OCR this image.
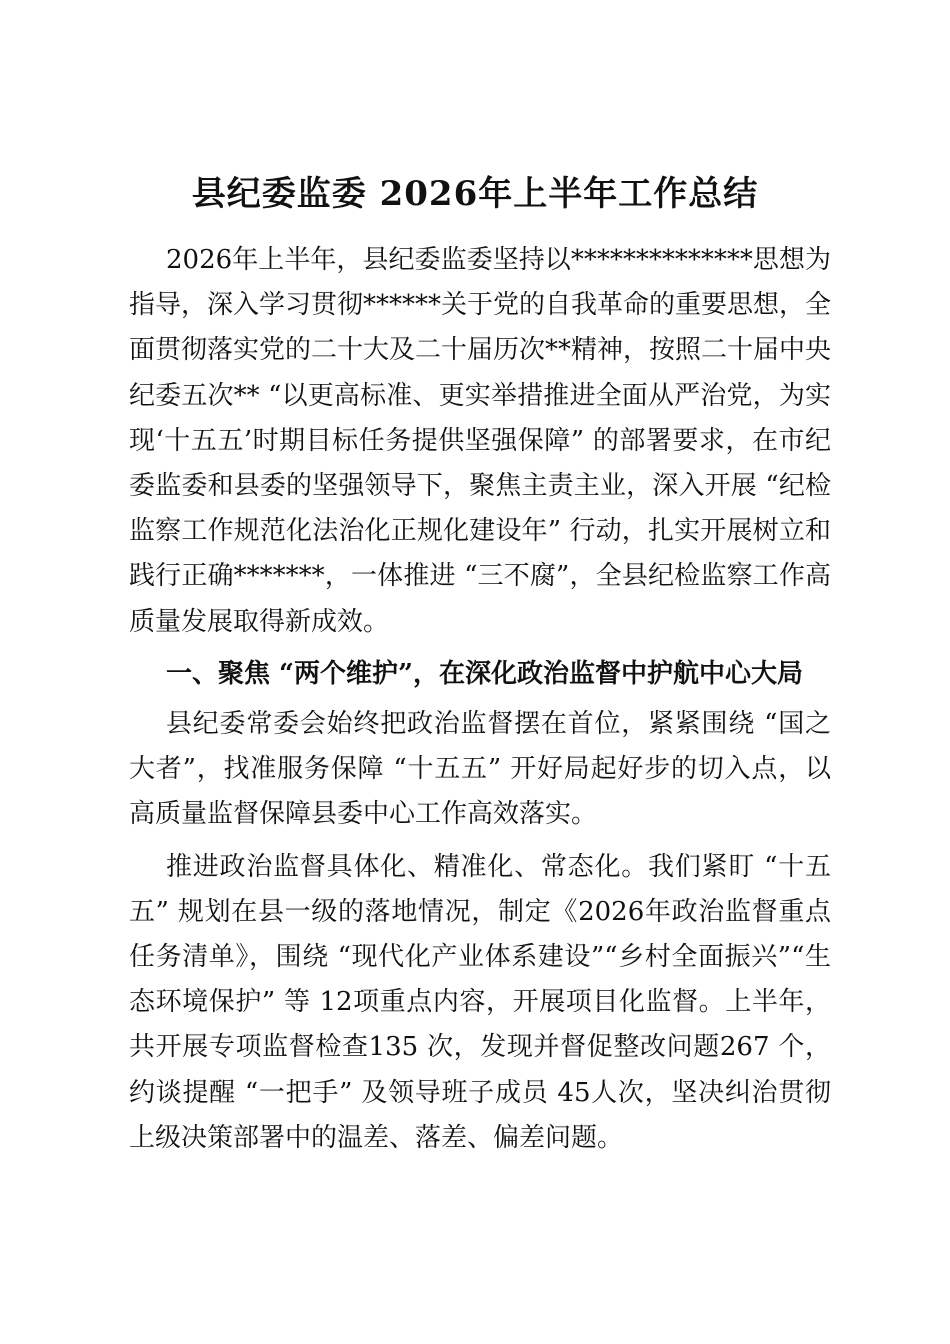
县纪委监委 2026年上半年工作总结

2026年上半年，县纪委监委坚持以**************思想为指导，深入学习贯彻******关于党的自我革命的重要思想，全面贯彻落实党的二十大及二十届历次**精神，按照二十届中央纪委五次** “以更高标准、更实举措推进全面从严治党，为实现‘十五五’时期目标任务提供坚强保障” 的部署要求，在市纪委监委和县委的坚强领导下，聚焦主责主业，深入开展 “纪检监察工作规范化法治化正规化建设年” 行动，扎实开展树立和践行正确*******，一体推进 “三不腐”，全县纪检监察工作高质量发展取得新成效。

一、聚焦 “两个维护”，在深化政治监督中护航中心大局

县纪委常委会始终把政治监督摆在首位，紧紧围绕 “国之大者”，找准服务保障 “十五五” 开好局起好步的切入点，以高质量监督保障县委中心工作高效落实。

推进政治监督具体化、精准化、常态化。我们紧盯 “十五五” 规划在县一级的落地情况，制定《2026年政治监督重点任务清单》，围绕 “现代化产业体系建设”“乡村全面振兴”“生态环境保护” 等 12项重点内容，开展项目化监督。上半年，共开展专项监督检查135 次，发现并督促整改问题267 个，约谈提醒 “一把手” 及领导班子成员 45人次，坚决纠治贯彻上级决策部署中的温差、落差、偏差问题。
